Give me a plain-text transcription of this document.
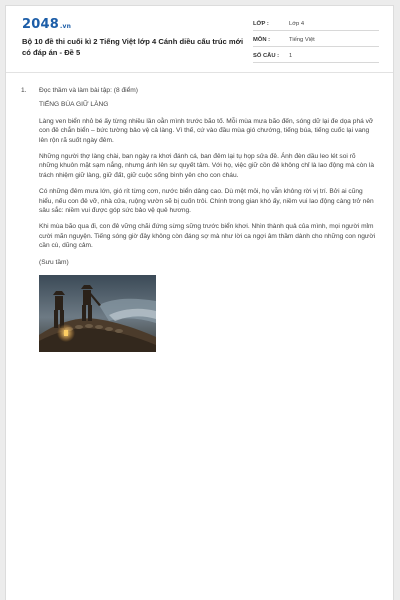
2048.vn
Bộ 10 đề thi cuối kì 2 Tiếng Việt lớp 4 Cánh diều cấu trúc mới có đáp án - Đề 5
LỚP :	Lớp 4
MÔN :	Tiếng Việt
SỐ CÂU :	1
1.	Đọc thầm và làm bài tập: (8 điểm)
TIẾNG BÚA GIỮ LÀNG

Làng ven biển nhỏ bé ấy từng nhiều lần oằn mình trước bão tố. Mỗi mùa mưa bão đến, sóng dữ lại đe dọa phá vỡ con đê chắn biển – bức tường bảo vệ cả làng. Vì thế, cứ vào đầu mùa gió chướng, tiếng búa, tiếng cuốc lại vang lên rộn rã suốt ngày đêm.

Những người thợ làng chài, ban ngày ra khơi đánh cá, ban đêm lại tụ họp sửa đê. Ánh đèn dầu leo lét soi rõ những khuôn mặt sạm nắng, nhưng ánh lên sự quyết tâm. Với họ, việc giữ cồn đê không chỉ là lao động mà còn là trách nhiệm giữ làng, giữ đất, giữ cuộc sống bình yên cho con cháu.

Có những đêm mưa lớn, gió rít từng cơn, nước biển dâng cao. Dù mệt mỏi, họ vẫn không rời vị trí. Bởi ai cũng hiểu, nếu con đê vỡ, nhà cửa, ruộng vườn sẽ bị cuốn trôi. Chính trong gian khó ấy, niềm vui lao động càng trở nên sâu sắc: niềm vui được góp sức bảo vệ quê hương.

Khi mùa bão qua đi, con đê vững chãi đứng sừng sững trước biển khơi. Nhìn thành quả của mình, mọi người mỉm cười mãn nguyện. Tiếng sóng giờ đây không còn đáng sợ mà như lời ca ngợi âm thầm dành cho những con người cần cù, dũng cảm.

(Sưu tầm)
